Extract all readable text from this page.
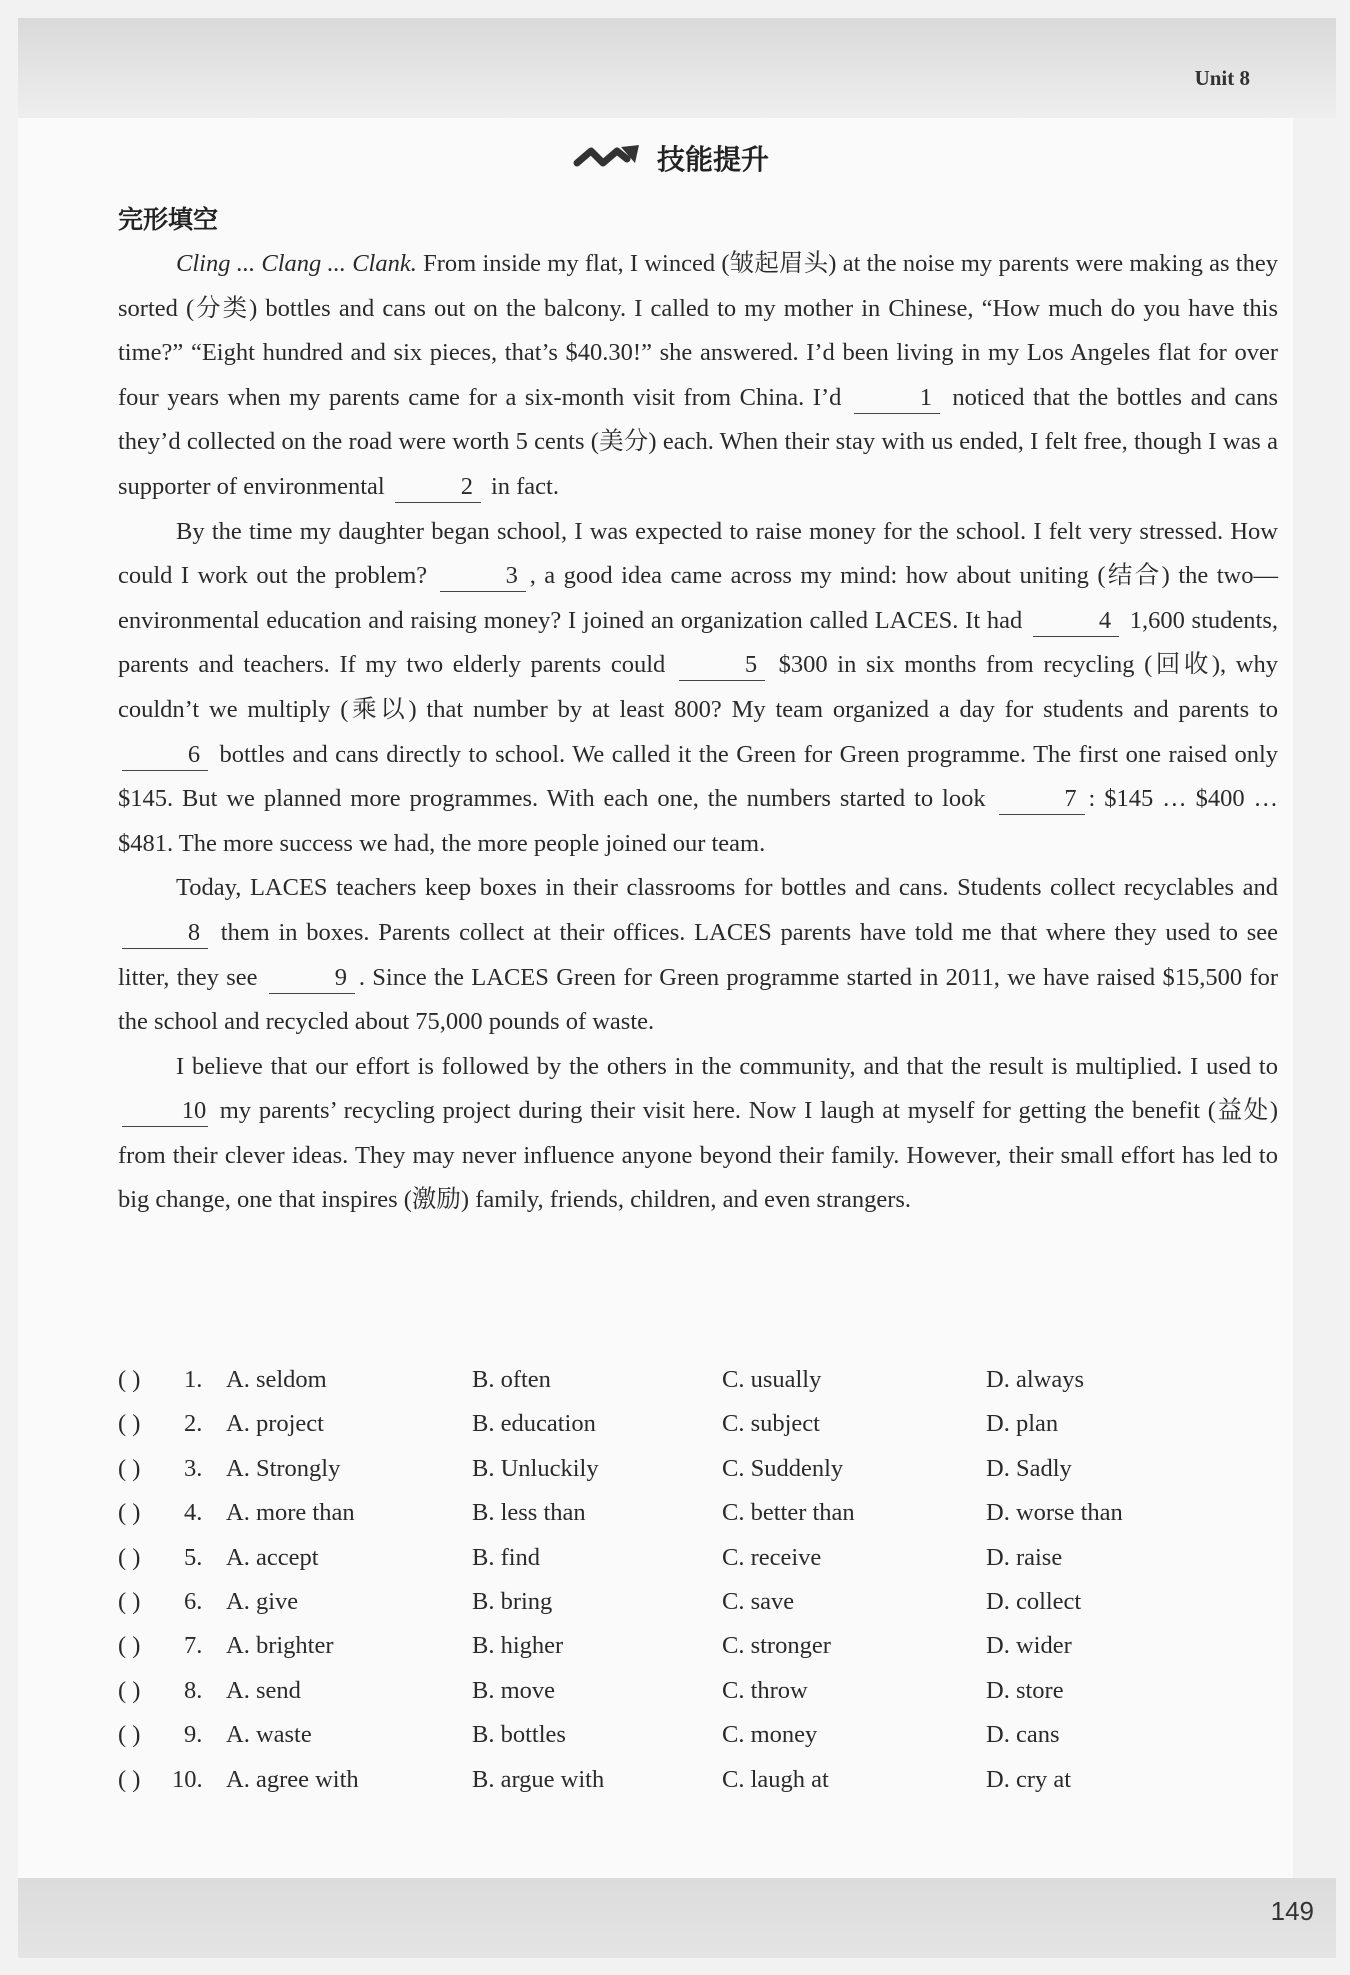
Unit 8
技能提升
完形填空

Cling ... Clang ... Clank. From inside my flat, I winced (皱起眉头) at the noise my parents were making as they sorted (分类) bottles and cans out on the balcony. I called to my mother in Chinese, “How much do you have this time?” “Eight hundred and six pieces, that’s $40.30!” she answered. I’d been living in my Los Angeles flat for over four years when my parents came for a six-month visit from China. I’d	1 noticed that the bottles and cans they’d collected on the road were worth 5 cents (美分) each. When their stay with us ended, I felt free, though I was a supporter of environmental	2 in fact.

By the time my daughter began school, I was expected to raise money for the school. I felt very stressed. How could I work out the problem?	3 , a good idea came across my mind: how about uniting (结合) the two—environmental education and raising money? I joined an organization called LACES. It had	4 1,600 students, parents and teachers. If my two elderly parents could	5 $300 in six months from recycling (回收), why couldn’t we multiply (乘以) that number by at least 800? My team organized a day for students and parents to 6 bottles and cans directly to school. We called it the Green for Green programme. The first one raised only $145. But we planned more programmes. With each one, the numbers started to look	7 : $145 … $400 … $481. The more success we had, the more people joined our team.

Today, LACES teachers keep boxes in their classrooms for bottles and cans. Students collect recyclables and 8 them in boxes. Parents collect at their offices. LACES parents have told me that where they used to see litter, they see	9 . Since the LACES Green for Green programme started in 2011, we have raised $15,500 for the school and recycled about 75,000 pounds of waste.

I believe that our effort is followed by the others in the community, and that the result is multiplied. I used to 10 my parents’ recycling project during their visit here. Now I laugh at myself for getting the benefit (益处) from their clever ideas. They may never influence anyone beyond their family. However, their small effort has led to big change, one that inspires (激励) family, friends, children, and even strangers.

( ) 1. A. seldom	B. often	C. usually	D. always
( ) 2. A. project	B. education	C. subject	D. plan
( ) 3. A. Strongly	B. Unluckily	C. Suddenly	D. Sadly
( ) 4. A. more than	B. less than	C. better than	D. worse than
( ) 5. A. accept	B. find	C. receive	D. raise
( ) 6. A. give	B. bring	C. save	D. collect
( ) 7. A. brighter	B. higher	C. stronger	D. wider
( ) 8. A. send	B. move	C. throw	D. store
( ) 9. A. waste	B. bottles	C. money	D. cans
( ) 10. A. agree with	B. argue with	C. laugh at	D. cry at
149
